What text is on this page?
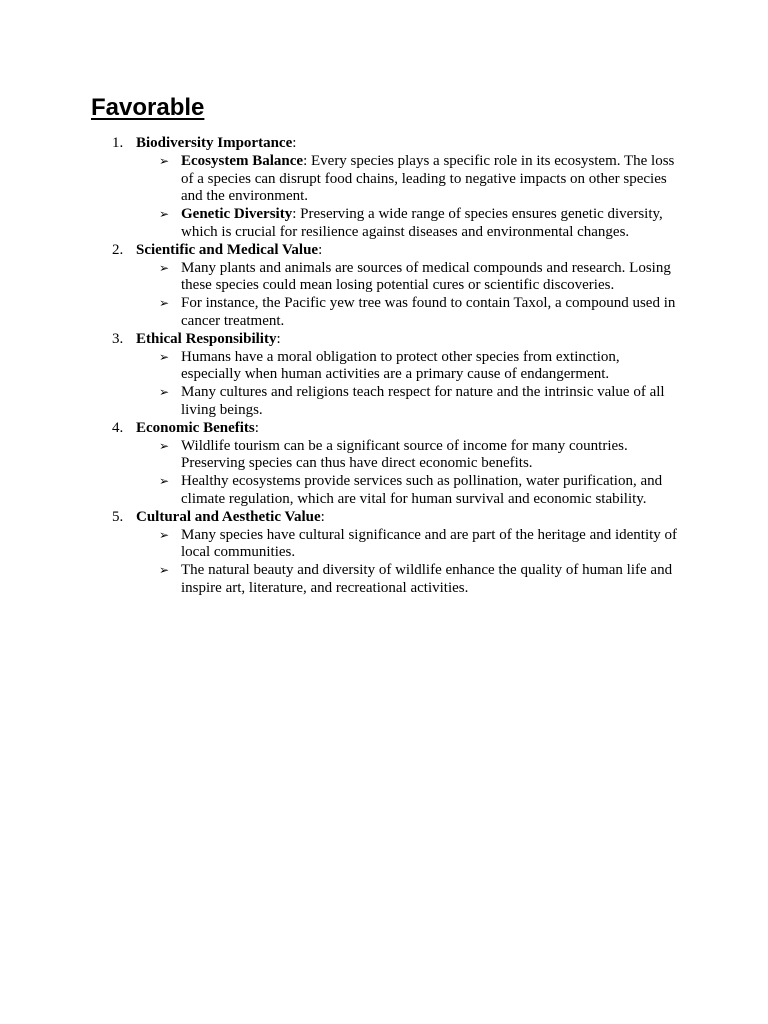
Favorable
1. Biodiversity Importance:
➢ Ecosystem Balance: Every species plays a specific role in its ecosystem. The loss of a species can disrupt food chains, leading to negative impacts on other species and the environment.
➢ Genetic Diversity: Preserving a wide range of species ensures genetic diversity, which is crucial for resilience against diseases and environmental changes.
2. Scientific and Medical Value:
➢ Many plants and animals are sources of medical compounds and research. Losing these species could mean losing potential cures or scientific discoveries.
➢ For instance, the Pacific yew tree was found to contain Taxol, a compound used in cancer treatment.
3. Ethical Responsibility:
➢ Humans have a moral obligation to protect other species from extinction, especially when human activities are a primary cause of endangerment.
➢ Many cultures and religions teach respect for nature and the intrinsic value of all living beings.
4. Economic Benefits:
➢ Wildlife tourism can be a significant source of income for many countries. Preserving species can thus have direct economic benefits.
➢ Healthy ecosystems provide services such as pollination, water purification, and climate regulation, which are vital for human survival and economic stability.
5. Cultural and Aesthetic Value:
➢ Many species have cultural significance and are part of the heritage and identity of local communities.
➢ The natural beauty and diversity of wildlife enhance the quality of human life and inspire art, literature, and recreational activities.
